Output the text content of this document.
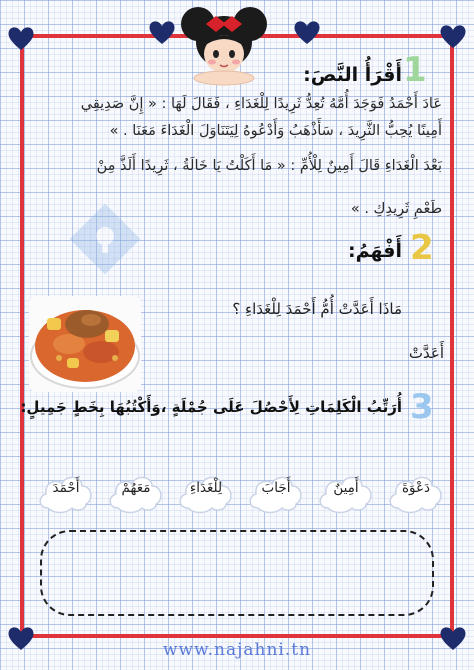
1
أَقْرَأُ النَّصَ:
عَادَ أَحْمَدُ فَوَجَدَ أُمَّهُ تُعِدُّ ثَرِيدًا لِلْغَدَاءِ ، فَقَالَ لَهَا : « إِنَّ صَدِيقِي
أَمِينًا يُحِبُّ الثَّرِيدَ ، سَأَذْهَبُ وَأَدْعُوهُ لِيَتَنَاوَلَ الْغَدَاءَ مَعَنَا . »
بَعْدَ الْغَدَاءِ قَالَ أَمِينٌ لِلْأُمِّ : « مَا أَكَلْتُ يَا خَالَةُ ، ثَرِيدًا أَلَذَّ مِنْ
طَعْمِ ثَرِيدِكِ . »
2
أَفْهَمُ:
مَاذَا أَعَدَّتْ أُمُّ أَحْمَدَ لِلْغَدَاءِ ؟
أَعَدَّتْ
3
أُرَتِّبُ الْكَلِمَاتِ لِأَحْصُلَ عَلَى جُمْلَةٍ ،وَأَكْتُبُهَا بِخَطٍ جَمِيلٍ:
دَعْوَةَ
أَمِينٌ
أَجَابَ
لِلْغَدَاءِ
مَعَهُمْ
أَحْمَدَ
www.najahni.tn
